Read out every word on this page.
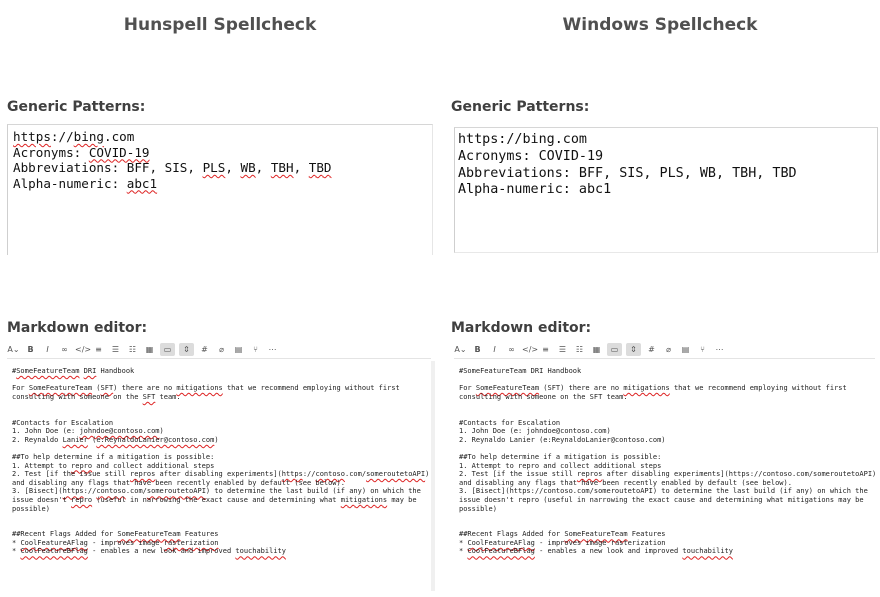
Hunspell Spellcheck
Generic Patterns:
https://bing.com
Acronyms: COVID-19
Abbreviations: BFF, SIS, PLS, WB, TBH, TBD
Alpha-numeric: abc1
Markdown editor:
A⌄ B	I	∞ </> ≡	☰	☷	▦	▭	⇕	#	⌀	▤	⑂	⋯
#SomeFeatureTeam DRI Handbook

For SomeFeatureTeam (SFT) there are no mitigations that we recommend employing without first
consulting with someone on the SFT team.

#Contacts for Escalation
1. John Doe (e: johndoe@contoso.com)
2. Reynaldo Lanier (e:ReynaldoLanier@contoso.com)

##To help determine if a mitigation is possible:
1. Attempt to repro and collect additional steps
2. Test [if the issue still repros after disabling experiments](https://contoso.com/someroutetoAPI)
and disabling any flags that have been recently enabled by default (see below).
3. [Bisect](https://contoso.com/someroutetoAPI) to determine the last build (if any) on which the
issue doesn't repro (useful in narrowing the exact cause and determining what mitigations may be
possible)

##Recent Flags Added for SomeFeatureTeam Features
* CoolFeatureAFlag - improves image rasterization
* CoolFeatureBFlag - enables a new look and improved touchability
Windows Spellcheck
Generic Patterns:
https://bing.com
Acronyms: COVID-19
Abbreviations: BFF, SIS, PLS, WB, TBH, TBD
Alpha-numeric: abc1
Markdown editor:
A⌄ B	I	∞ </> ≡	☰	☷	▦	▭	⇕	#	⌀	▤	⑂	⋯
#SomeFeatureTeam DRI Handbook

For SomeFeatureTeam (SFT) there are no mitigations that we recommend employing without first
consulting with someone on the SFT team.

#Contacts for Escalation
1. John Doe (e: johndoe@contoso.com)
2. Reynaldo Lanier (e:ReynaldoLanier@contoso.com)

##To help determine if a mitigation is possible:
1. Attempt to repro and collect additional steps
2. Test [if the issue still repros after disabling experiments](https://contoso.com/someroutetoAPI)
and disabling any flags that have been recently enabled by default (see below).
3. [Bisect](https://contoso.com/someroutetoAPI) to determine the last build (if any) on which the
issue doesn't repro (useful in narrowing the exact cause and determining what mitigations may be
possible)

##Recent Flags Added for SomeFeatureTeam Features
* CoolFeatureAFlag - improves image rasterization
* CoolFeatureBFlag - enables a new look and improved touchability
